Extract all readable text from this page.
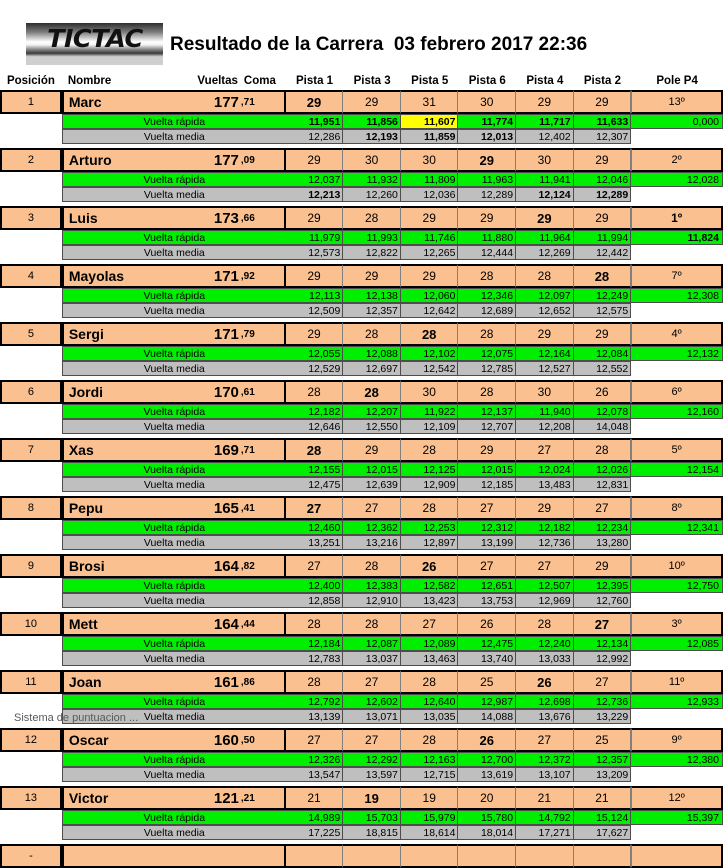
TICTAC Resultado de la Carrera  03 febrero 2017 22:36
Posición	Nombre	Vueltas	Coma	Pista 1	Pista 3	Pista 5	Pista 6	Pista 4	Pista 2	Pole P4
1	Marc	177	,71	29	29	31	30	29	29	13º
	Vuelta rápida			11,951	11,856	11,607	11,774	11,717	11,633	0,000
	Vuelta media			12,286	12,193	11,859	12,013	12,402	12,307	

2	Arturo	177	,09	29	30	30	29	30	29	2º
	Vuelta rápida			12,037	11,932	11,809	11,963	11,941	12,046	12,028
	Vuelta media			12,213	12,260	12,036	12,289	12,124	12,289	

3	Luis	173	,66	29	28	29	29	29	29	1º
	Vuelta rápida			11,979	11,993	11,746	11,880	11,964	11,994	11,824
	Vuelta media			12,573	12,822	12,265	12,444	12,269	12,442	

4	Mayolas	171	,92	29	29	29	28	28	28	7º
	Vuelta rápida			12,113	12,138	12,060	12,346	12,097	12,249	12,308
	Vuelta media			12,509	12,357	12,642	12,689	12,652	12,575	

5	Sergi	171	,79	29	28	28	28	29	29	4º
	Vuelta rápida			12,055	12,088	12,102	12,075	12,164	12,084	12,132
	Vuelta media			12,529	12,697	12,542	12,785	12,527	12,552	

6	Jordi	170	,61	28	28	30	28	30	26	6º
	Vuelta rápida			12,182	12,207	11,922	12,137	11,940	12,078	12,160
	Vuelta media			12,646	12,550	12,109	12,707	12,208	14,048	

7	Xas	169	,71	28	29	28	29	27	28	5º
	Vuelta rápida			12,155	12,015	12,125	12,015	12,024	12,026	12,154
	Vuelta media			12,475	12,639	12,909	12,185	13,483	12,831	

8	Pepu	165	,41	27	27	28	27	29	27	8º
	Vuelta rápida			12,460	12,362	12,253	12,312	12,182	12,234	12,341
	Vuelta media			13,251	13,216	12,897	13,199	12,736	13,280	

9	Brosi	164	,82	27	28	26	27	27	29	10º
	Vuelta rápida			12,400	12,383	12,582	12,651	12,507	12,395	12,750
	Vuelta media			12,858	12,910	13,423	13,753	12,969	12,760	

10	Mett	164	,44	28	28	27	26	28	27	3º
	Vuelta rápida			12,184	12,087	12,089	12,475	12,240	12,134	12,085
	Vuelta media			12,783	13,037	13,463	13,740	13,033	12,992	

11	Joan	161	,86	28	27	28	25	26	27	11º
	Vuelta rápida			12,792	12,602	12,640	12,987	12,698	12,736	12,933
	Vuelta media			13,139	13,071	13,035	14,088	13,676	13,229	

12	Oscar	160	,50	27	27	28	26	27	25	9º
	Vuelta rápida			12,326	12,292	12,163	12,700	12,372	12,357	12,380
	Vuelta media			13,547	13,597	12,715	13,619	13,107	13,209	

13	Victor	121	,21	21	19	19	20	21	21	12º
	Vuelta rápida			14,989	15,703	15,979	15,780	14,792	15,124	15,397
	Vuelta media			17,225	18,815	18,614	18,014	17,271	17,627	

-										
Sistema de puntuacion ...
